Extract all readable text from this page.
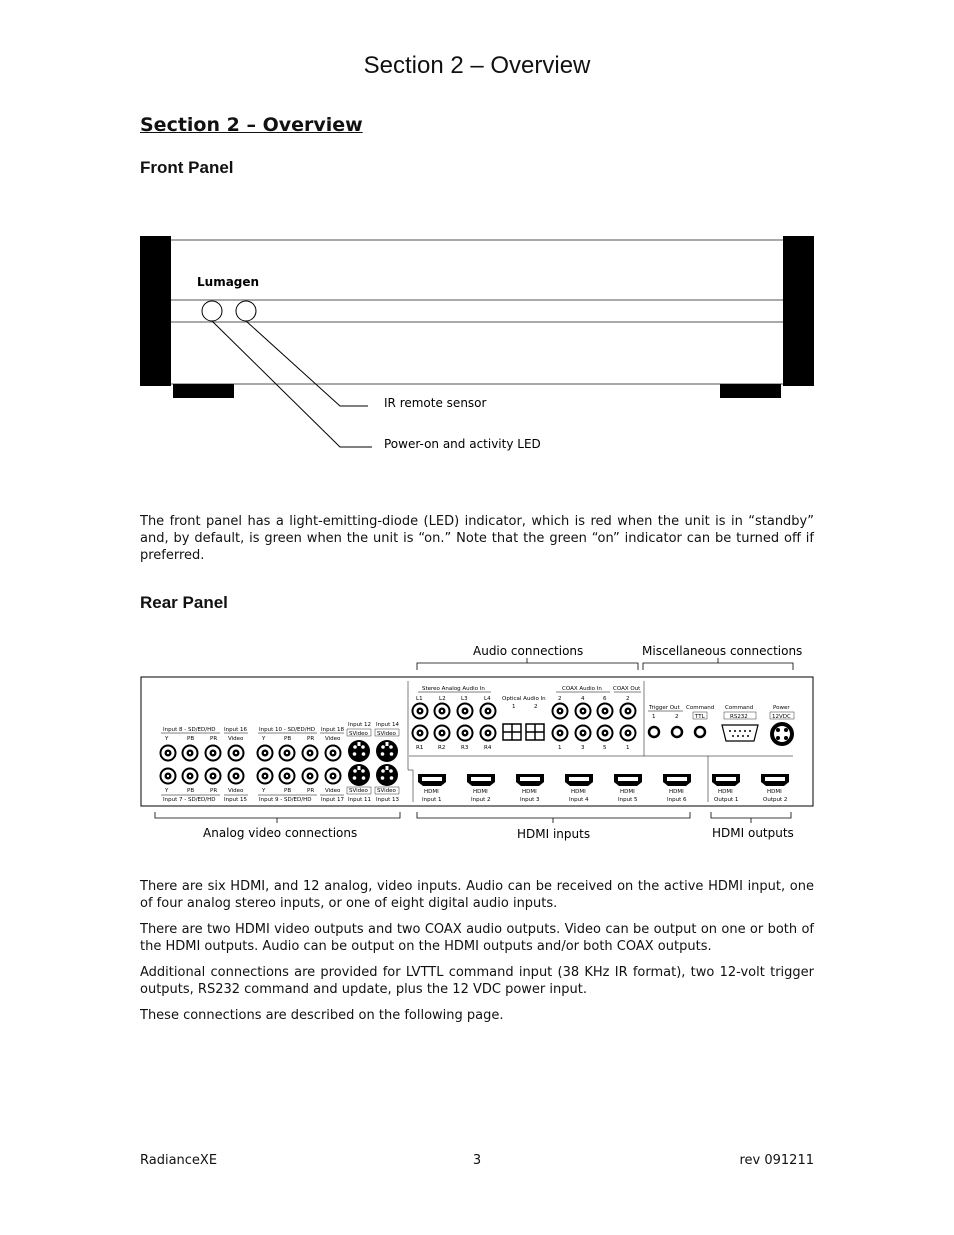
Section 2 – Overview
Section 2 – Overview
Front Panel
Lumagen
IR remote sensor
Power-on and activity LED
The front panel has a light-emitting-diode (LED) indicator, which is red when the unit is in “standby” and, by default, is green when the unit is “on.” Note that the green “on” indicator can be turned off if preferred.
Rear Panel
Audio connections	Miscellaneous connections
Stereo Analog Audio In
L1	L2	L3	L4
R1	R2	R3	R4
Optical Audio In
1	2
COAX Audio In
2	4	6
1	3	5
COAX Out
2
1
Trigger Out
1	2
Command
TTL
Command
RS232
Power
12VDC
Input 8 - SD/ED/HD Input 16
Y	PB	PR Video
Input 10 - SD/ED/HD Input 18
Y	PB	PR Video
Input 12
SVideo
Input 14
SVideo
Y	PB	PR Video
Input 7 - SD/ED/HD Input 15
Y	PB	PR Video
Input 9 - SD/ED/HD Input 17
SVideo
Input 11
SVideo
Input 13
HDMI
Input 1
HDMI
Input 2
HDMI
Input 3
HDMI
Input 4
HDMI
Input 5
HDMI
Input 6
HDMI
Output 1
HDMI
Output 2
Analog video connections	HDMI inputs	HDMI outputs
There are six HDMI, and 12 analog, video inputs. Audio can be received on the active HDMI input, one of four analog stereo inputs, or one of eight digital audio inputs.
There are two HDMI video outputs and two COAX audio outputs. Video can be output on one or both of the HDMI outputs. Audio can be output on the HDMI outputs and/or both COAX outputs.
Additional connections are provided for LVTTL command input (38 KHz IR format), two 12-volt trigger outputs, RS232 command and update, plus the 12 VDC power input.
These connections are described on the following page.
RadianceXE	3	rev 091211
